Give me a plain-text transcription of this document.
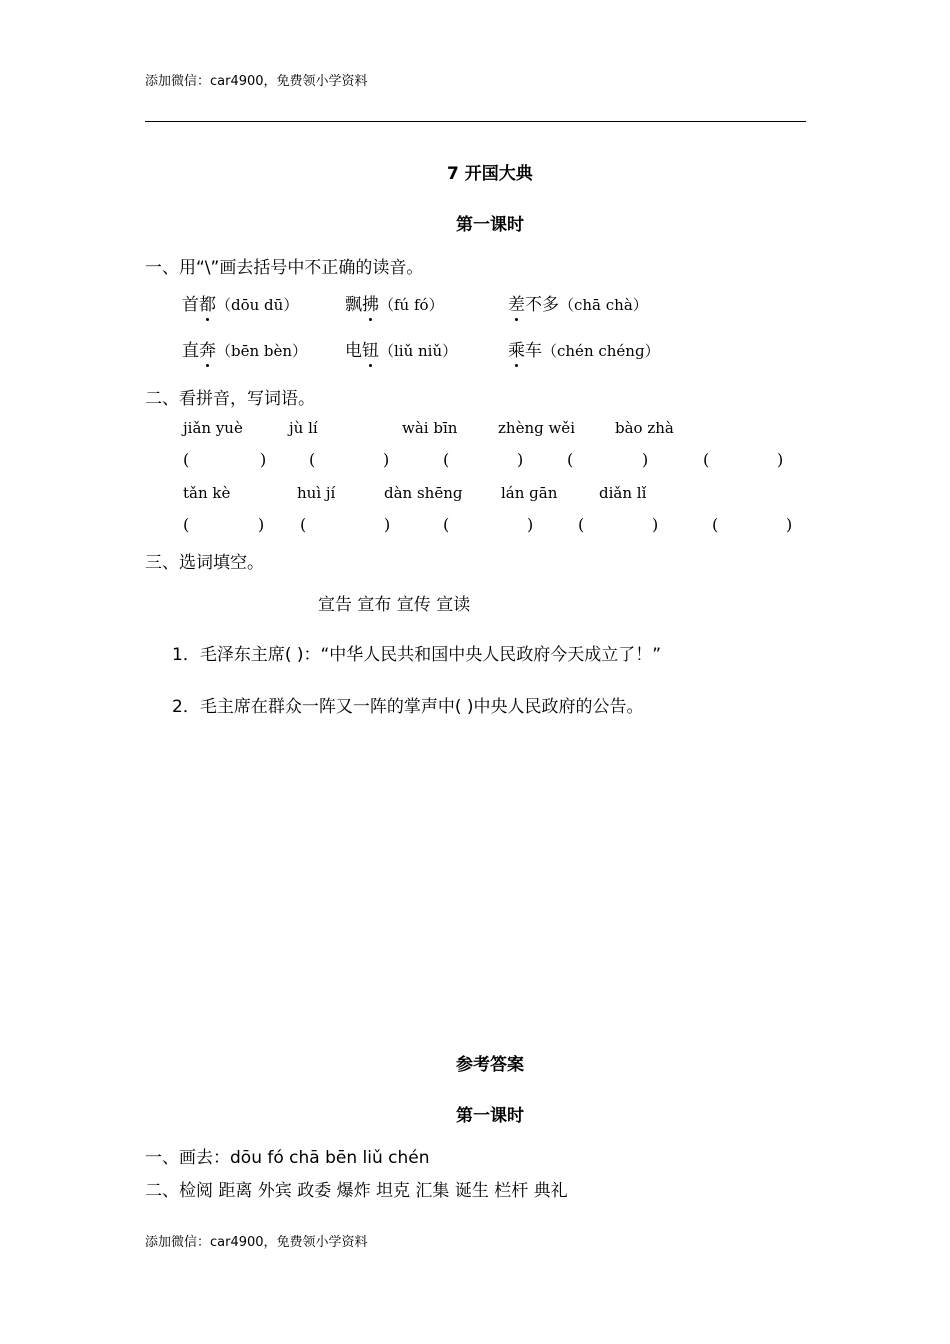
添加微信：car4900，免费领小学资料
7 开国大典
第一课时
一、用“\”画去括号中不正确的读音。
首都（dōu dū）	飘拂（fú fó）	差不多（chā chà）
直奔（bēn bèn） 电钮（liǔ niǔ）	乘车（chén chénɡ）
二、看拼音，写词语。
jiǎn yuè	jù lí	wài bīn	zhènɡ wěi	bào zhà
(	)	(	)	(	)	(	)	(	)
tǎn kè	huì jí	dàn shēnɡ	lán ɡān	diǎn lǐ
(	) (	)	(	)	(	)	(	)
三、选词填空。
宣告 宣布 宣传 宣读
1．毛泽东主席( )：“中华人民共和国中央人民政府今天成立了！”
2．毛主席在群众一阵又一阵的掌声中( )中央人民政府的公告。
参考答案
第一课时
一、画去：dōu fó chā bēn liǔ chén
二、检阅 距离 外宾 政委 爆炸 坦克 汇集 诞生 栏杆 典礼
添加微信：car4900，免费领小学资料
